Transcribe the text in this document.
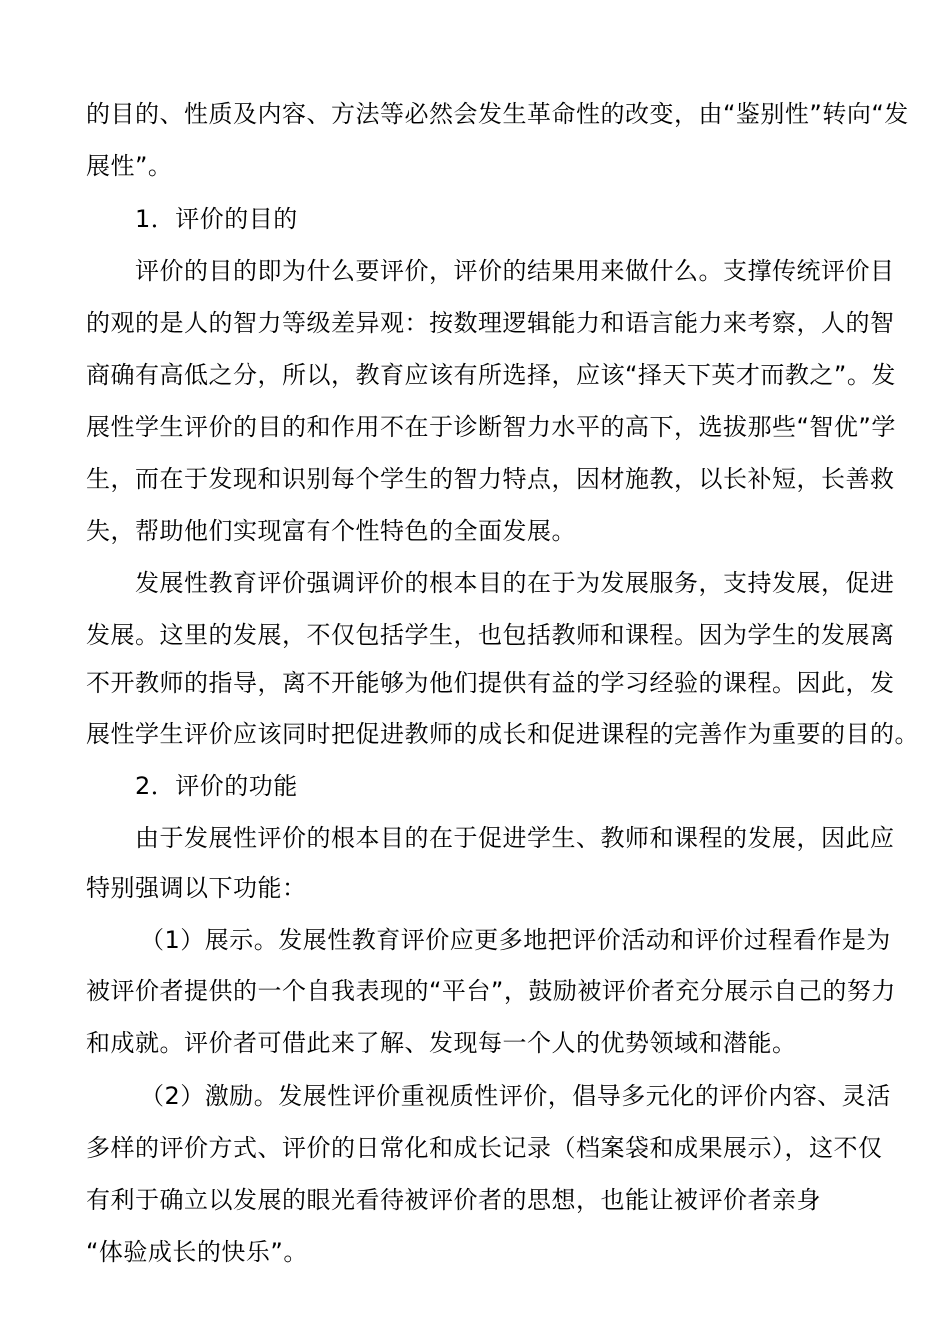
的目的、性质及内容、方法等必然会发生革命性的改变，由“鉴别性”转向“发
展性”。
1．评价的目的
评价的目的即为什么要评价，评价的结果用来做什么。支撑传统评价目
的观的是人的智力等级差异观：按数理逻辑能力和语言能力来考察，人的智
商确有高低之分，所以，教育应该有所选择，应该“择天下英才而教之”。发
展性学生评价的目的和作用不在于诊断智力水平的高下，选拔那些“智优”学
生，而在于发现和识别每个学生的智力特点，因材施教，以长补短，长善救
失，帮助他们实现富有个性特色的全面发展。
发展性教育评价强调评价的根本目的在于为发展服务，支持发展，促进
发展。这里的发展，不仅包括学生，也包括教师和课程。因为学生的发展离
不开教师的指导，离不开能够为他们提供有益的学习经验的课程。因此，发
展性学生评价应该同时把促进教师的成长和促进课程的完善作为重要的目的。
2．评价的功能
由于发展性评价的根本目的在于促进学生、教师和课程的发展，因此应
特别强调以下功能：
（1）展示。发展性教育评价应更多地把评价活动和评价过程看作是为
被评价者提供的一个自我表现的“平台”，鼓励被评价者充分展示自己的努力
和成就。评价者可借此来了解、发现每一个人的优势领域和潜能。
（2）激励。发展性评价重视质性评价，倡导多元化的评价内容、灵活
多样的评价方式、评价的日常化和成长记录（档案袋和成果展示），这不仅
有利于确立以发展的眼光看待被评价者的思想，也能让被评价者亲身
“体验成长的快乐”。
